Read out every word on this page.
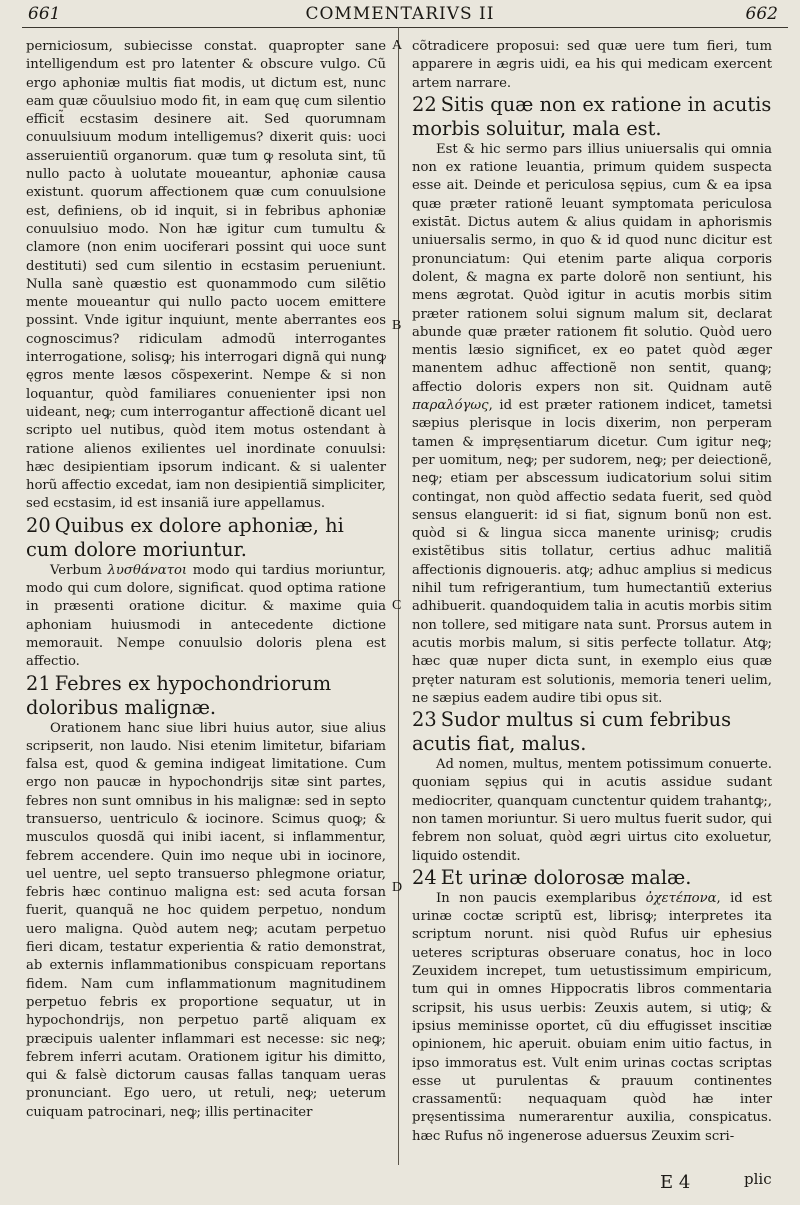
661	COMMENTARIVS II	662
A
B
C
D

perniciosum, subiecisse constat. quapropter sane intelligendum est pro latenter & obscure vulgo. Cũ ergo aphoniæ multis fiat modis, ut dictum est, nunc eam quæ cõuulsiuo modo fit, in eam quę cum silentio efficit̃ ecstasim desinere ait. Sed quorumnam conuulsiuum modum intelligemus? dixerit quis: uoci asseruientiũ organorum. quæ tum ꝙ resoluta sint, tũ nullo pacto à uolutate moueantur, aphoniæ causa existunt. quorum affectionem quæ cum conuulsione est, definiens, ob id inquit, si in febribus aphoniæ conuulsiuo modo. Non hæ igitur cum tumultu & clamore (non enim uociferari possint qui uoce sunt destituti) sed cum silentio in ecstasim perueniunt. Nulla sanè quæstio est quonammodo cum silẽtio mente moueantur qui nullo pacto uocem emittere possint. Vnde igitur inquiunt, mente aberrantes eos cognoscimus? ridiculam admodũ interrogantes interrogatione, solisꝙ; his interrogari dignã qui nunꝙ ęgros mente læsos cõspexerint. Nempe & si non loquantur, quòd familiares conuenienter ipsi non uideant, neꝙ; cum interrogantur affectionẽ dicant uel scripto uel nutibus, quòd item motus ostendant à ratione alienos exilientes uel inordinate conuulsi: hæc desipientiam ipsorum indicant. & si ualenter horũ affectio excedat, iam non desipientiã simpliciter, sed ecstasim, id est insaniã iure appellamus.

20 Quibus ex dolore aphoniæ, hi cum dolore moriuntur.

Verbum λυσθάνατοι modo qui tardius moriuntur, modo qui cum dolore, significat. quod optima ratione in præsenti oratione dicitur. & maxime quia aphoniam huiusmodi in antecedente dictione memorauit. Nempe conuulsio doloris plena est affectio.

21 Febres ex hypochondriorum doloribus malignæ.

Orationem hanc siue libri huius autor, siue alius scripserit, non laudo. Nisi etenim limitetur, bifariam falsa est, quod & gemina indigeat limitatione. Cum ergo non paucæ in hypochondrijs sitæ sint partes, febres non sunt omnibus in his malignæ: sed in septo transuerso, uentriculo & iocinore. Scimus quoꝙ; & musculos quosdã qui inibi iacent, si inflammentur, febrem accendere. Quin imo neque ubi in iocinore, uel uentre, uel septo transuerso phlegmone oriatur, febris hæc continuo maligna est: sed acuta forsan fuerit, quanquã ne hoc quidem perpetuo, nondum uero maligna. Quòd autem neꝙ; acutam perpetuo fieri dicam, testatur experientia & ratio demonstrat, ab externis inflammationibus conspicuam reportans fidem. Nam cum inflammationum magnitudinem perpetuo febris ex proportione sequatur, ut in hypochondrijs, non perpetuo partẽ aliquam ex præcipuis ualenter inflammari est necesse: sic neꝙ; febrem inferri acutam. Orationem igitur his dimitto, qui & falsè dictorum causas fallas tanquam ueras pronunciant. Ego uero, ut retuli, neꝙ; ueterum cuiquam patrocinari, neꝙ; illis pertinaciter

cõtradicere proposui: sed quæ uere tum fieri, tum apparere in ægris uidi, ea his qui medicam exercent artem narrare.

22 Sitis quæ non ex ratione in acutis morbis soluitur, mala est.

Est & hic sermo pars illius uniuersalis qui omnia non ex ratione leuantia, primum quidem suspecta esse ait. Deinde et periculosa sępius, cum & ea ipsa quæ præter rationẽ leuant symptomata periculosa existāt. Dictus autem & alius quidam in aphorismis uniuersalis sermo, in quo & id quod nunc dicitur est pronunciatum: Qui etenim parte aliqua corporis dolent, & magna ex parte dolorẽ non sentiunt, his mens ægrotat. Quòd igitur in acutis morbis sitim præter rationem solui signum malum sit, declarat abunde quæ præter rationem fit solutio. Quòd uero mentis læsio significet, ex eo patet quòd æger manentem adhuc affectionẽ non sentit, quanꝙ; affectio doloris expers non sit. Quidnam autẽ παραλόγως, id est præter rationem indicet, tametsi sæpius plerisque in locis dixerim, non perperam tamen & impręsentiarum dicetur. Cum igitur neꝙ; per uomitum, neꝙ; per sudorem, neꝙ; per deiectionẽ, neꝙ; etiam per abscessum iudicatorium solui sitim contingat, non quòd affectio sedata fuerit, sed quòd sensus elanguerit: id si fiat, signum bonũ non est. quòd si & lingua sicca manente urinisꝙ; crudis existẽtibus sitis tollatur, certius adhuc malitiã affectionis dignoueris. atꝙ; adhuc amplius si medicus nihil tum refrigerantium, tum humectantiũ exterius adhibuerit. quandoquidem talia in acutis morbis sitim non tollere, sed mitigare nata sunt. Prorsus autem in acutis morbis malum, si sitis perfecte tollatur. Atꝙ; hæc quæ nuper dicta sunt, in exemplo eius quæ pręter naturam est solutionis, memoria teneri uelim, ne sæpius eadem audire tibi opus sit.

23 Sudor multus si cum febribus acutis fiat, malus.

Ad nomen, multus, mentem potissimum conuerte. quoniam sępius qui in acutis assidue sudant mediocriter, quanquam cunctentur quidem trahantꝙ;, non tamen moriuntur. Si uero multus fuerit sudor, qui febrem non soluat, quòd ægri uirtus cito exoluetur, liquido ostendit.

24 Et urinæ dolorosæ malæ.

In non paucis exemplaribus ὀχετέπονα, id est urinæ coctæ scriptũ est, librisꝙ; interpretes ita scriptum norunt. nisi quòd Rufus uir ephesius ueteres scripturas obseruare conatus, hoc in loco Zeuxidem increpet, tum uetustissimum empiricum, tum qui in omnes Hippocratis libros commentaria scripsit, his usus uerbis: Zeuxis autem, si utiꝙ; & ipsius meminisse oportet, cũ diu effugisset inscitiæ opinionem, hic aperuit. obuiam enim uitio factus, in ipso immoratus est. Vult enim urinas coctas scriptas esse ut purulentas & prauum continentes crassamentũ: nequaquam quòd hæ inter pręsentissima numerarentur auxilia, conspicatus. hæc Rufus nõ ingenerose aduersus Zeuxim scri-

E 4	plic
